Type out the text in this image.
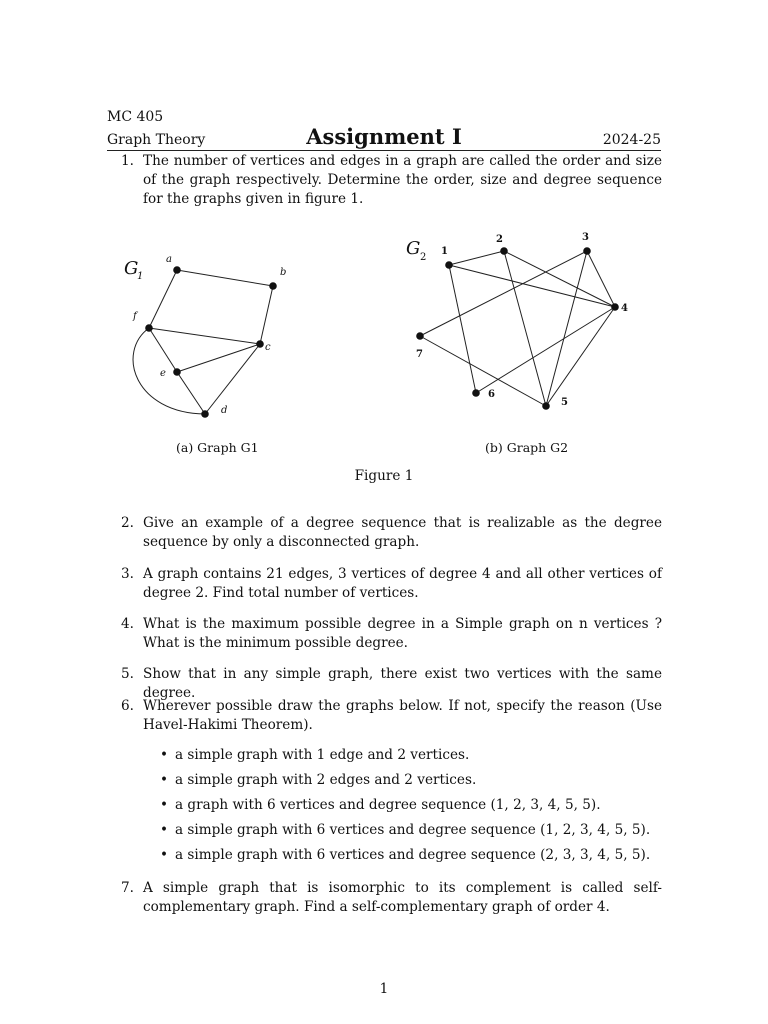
MC 405
Graph Theory	Assignment I	2024-25
1. The number of vertices and edges in a graph are called the order and size of the graph respectively. Determine the order, size and degree sequence for the graphs given in figure 1.
a
b
c
d
e
f
G
1
1
2	3
4
5
6
7
G 2
(a) Graph G1	(b) Graph G2
Figure 1
2. Give an example of a degree sequence that is realizable as the degree sequence by only a disconnected graph.
3. A graph contains 21 edges, 3 vertices of degree 4 and all other vertices of degree 2. Find total number of vertices.
4. What is the maximum possible degree in a Simple graph on n vertices ? What is the minimum possible degree.
5. Show that in any simple graph, there exist two vertices with the same degree.
6. Wherever possible draw the graphs below. If not, specify the reason (Use Havel-Hakimi Theorem).
• a simple graph with 1 edge and 2 vertices.
• a simple graph with 2 edges and 2 vertices.
• a graph with 6 vertices and degree sequence (1, 2, 3, 4, 5, 5).
• a simple graph with 6 vertices and degree sequence (1, 2, 3, 4, 5, 5).
• a simple graph with 6 vertices and degree sequence (2, 3, 3, 4, 5, 5).
7. A simple graph that is isomorphic to its complement is called self-complementary graph. Find a self-complementary graph of order 4.
1
